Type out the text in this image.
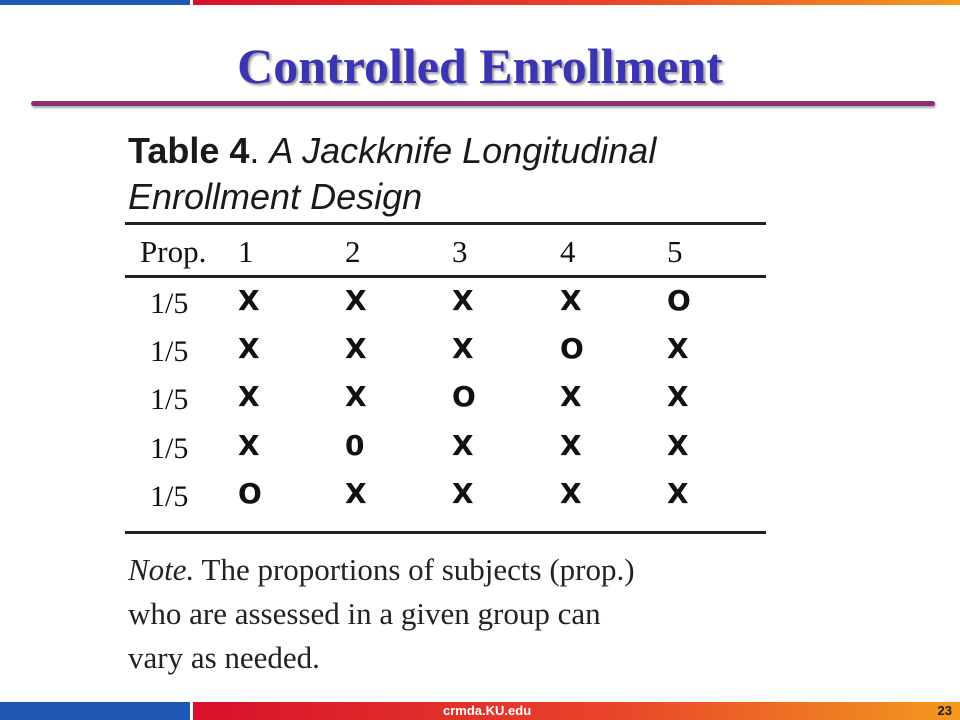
Controlled Enrollment
Table 4. A Jackknife Longitudinal
Enrollment Design
Prop. 1	2	3	4	5
1/5 X	X	X	X	O
1/5 X	X	X	O	X
1/5 X	X	O	X	X
1/5 X	0	X	X	X
1/5 O	X	X	X	X
Note. The proportions of subjects (prop.)
who are assessed in a given group can
vary as needed.
crmda.KU.edu	23
